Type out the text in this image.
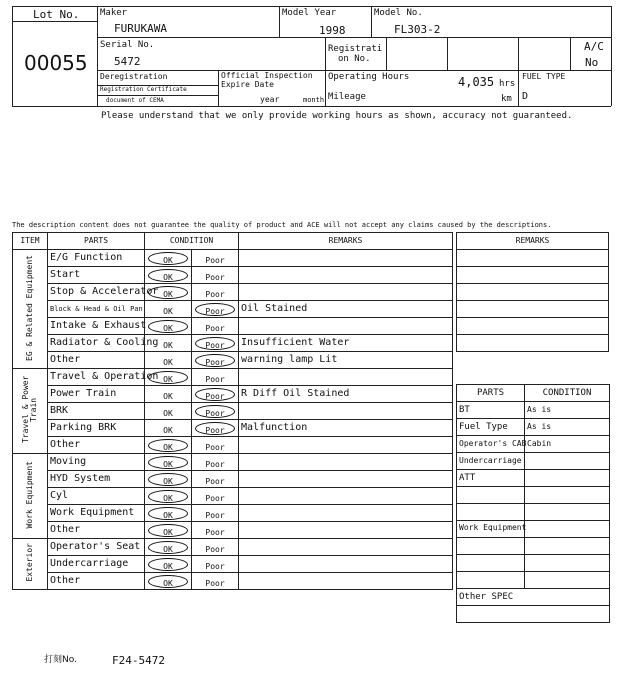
Lot No.
00055
Maker
FURUKAWA
Model Year
1998
Model No.
FL303-2
Serial No.
5472
Registrati
on No.
A/C
No
Deregistration
Registration Certificate
document of CEMA
Official Inspection
Expire Date
year	month
Operating Hours	4,035 hrs
Mileage	km
FUEL TYPE
D
Please understand that we only provide working hours as shown, accuracy not guaranteed.
The description content does not guarantee the quality of product and ACE will not accept any claims caused by the descriptions.
ITEM	PARTS	CONDITION		REMARKS
EG & Related Equipment	E/G Function	OK	Poor	
	Start	OK	Poor	
	Stop & Accelerator	OK	Poor	
	Block & Head & Oil Pan	OK	Poor	Oil Stained
	Intake & Exhaust	OK	Poor	
	Radiator & Cooling	OK	Poor	Insufficient Water
	Other	OK	Poor	warning lamp Lit
Travel & Power Train	Travel & Operation	OK	Poor	
	Power Train	OK	Poor	R Diff Oil Stained
	BRK	OK	Poor

	Parking BRK	OK	Poor	Malfunction
	Other	OK	Poor	
Work Equipment	Moving	OK	Poor	
	HYD System	OK	Poor	
	Cyl	OK	Poor	
	Work Equipment	OK	Poor	
	Other	OK	Poor	
Exterior	Operator's Seat	OK	Poor	
	Undercarriage	OK	Poor	
	Other	OK	Poor	
REMARKS

PARTS	CONDITION
BT	As is
Fuel Type	As is
Operator's CAB	Cabin
Undercarriage	
ATT	

Work Equipment	

Other SPEC	

打刻No.	F24-5472
